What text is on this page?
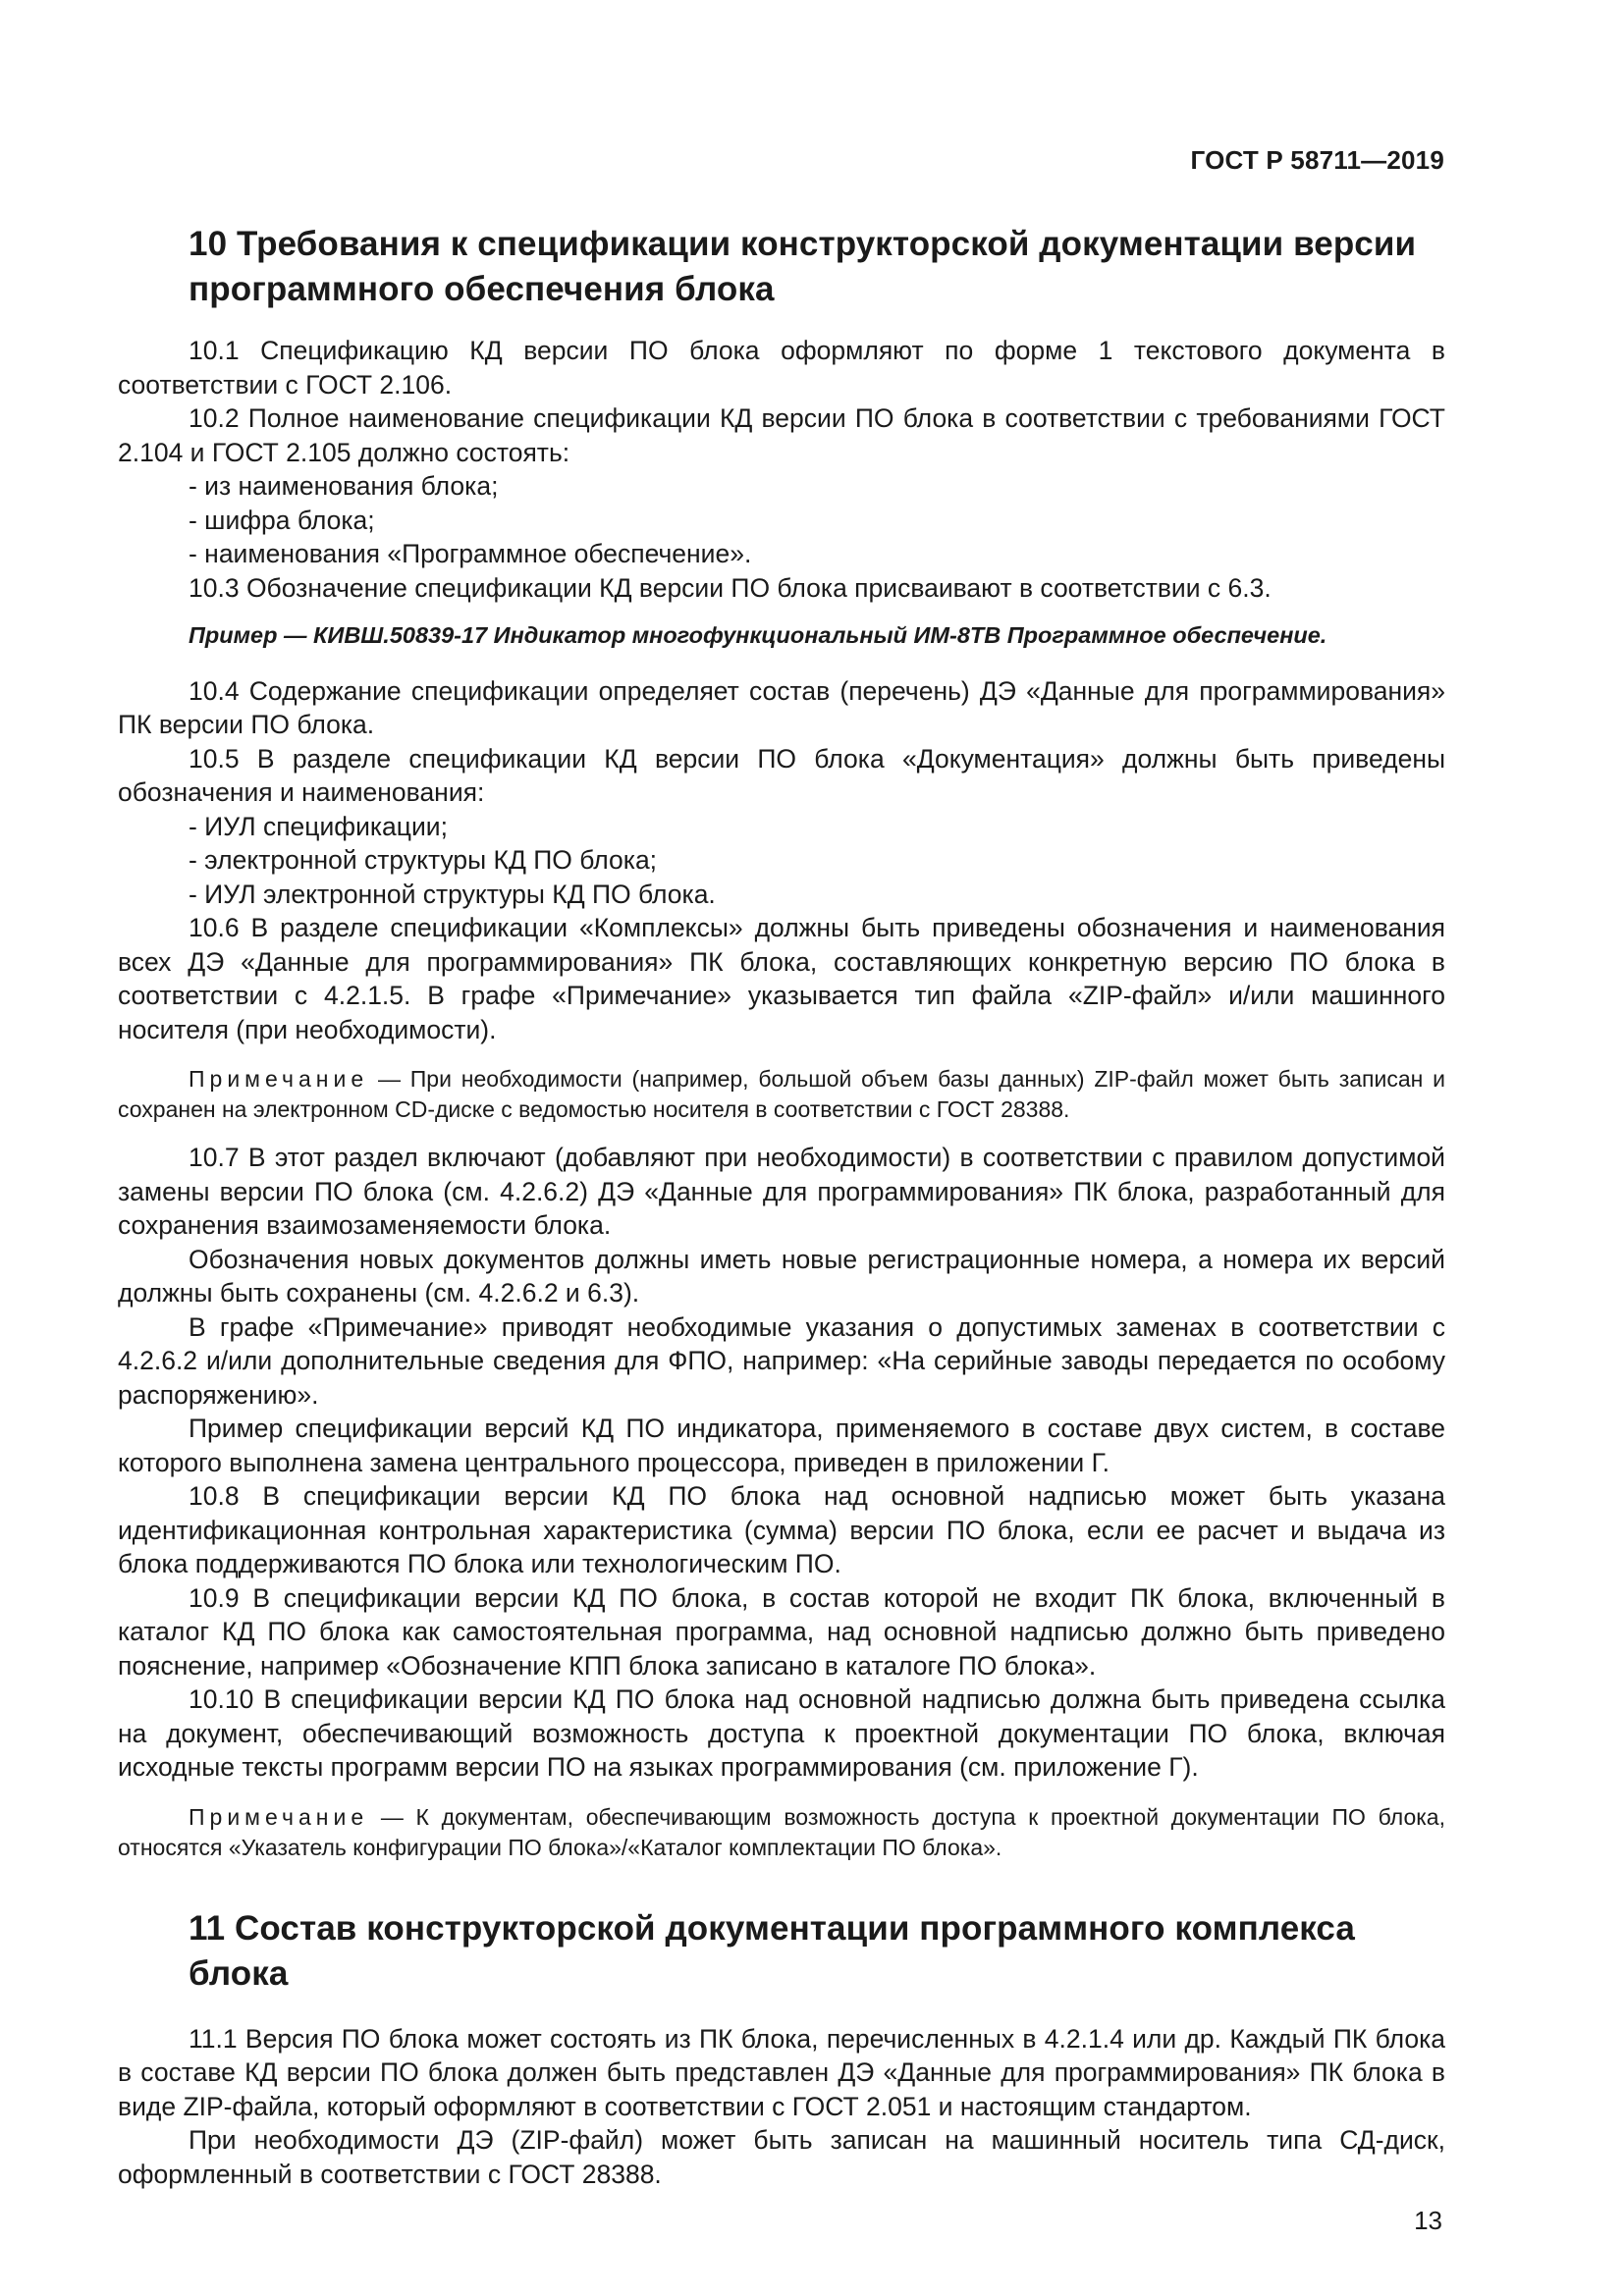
ГОСТ Р 58711—2019
10 Требования к спецификации конструкторской документации версии программного обеспечения блока

10.1 Спецификацию КД версии ПО блока оформляют по форме 1 текстового документа в соответствии с ГОСТ 2.106.

10.2 Полное наименование спецификации КД версии ПО блока в соответствии с требованиями ГОСТ 2.104 и ГОСТ 2.105 должно состоять:

- из наименования блока;

- шифра блока;

- наименования «Программное обеспечение».

10.3 Обозначение спецификации КД версии ПО блока присваивают в соответствии с 6.3.

Пример — КИВШ.50839-17 Индикатор многофункциональный ИМ-8ТВ Программное обеспечение.

10.4 Содержание спецификации определяет состав (перечень) ДЭ «Данные для программирования» ПК версии ПО блока.

10.5 В разделе спецификации КД версии ПО блока «Документация» должны быть приведены обозначения и наименования:

- ИУЛ спецификации;

- электронной структуры КД ПО блока;

- ИУЛ электронной структуры КД ПО блока.

10.6 В разделе спецификации «Комплексы» должны быть приведены обозначения и наименования всех ДЭ «Данные для программирования» ПК блока, составляющих конкретную версию ПО блока в соответствии с 4.2.1.5. В графе «Примечание» указывается тип файла «ZIP-файл» и/или машинного носителя (при необходимости).

Примечание — При необходимости (например, большой объем базы данных) ZIP-файл может быть записан и сохранен на электронном CD-диске с ведомостью носителя в соответствии с ГОСТ 28388.

10.7 В этот раздел включают (добавляют при необходимости) в соответствии с правилом допустимой замены версии ПО блока (см. 4.2.6.2) ДЭ «Данные для программирования» ПК блока, разработанный для сохранения взаимозаменяемости блока.

Обозначения новых документов должны иметь новые регистрационные номера, а номера их версий должны быть сохранены (см. 4.2.6.2 и 6.3).

В графе «Примечание» приводят необходимые указания о допустимых заменах в соответствии с 4.2.6.2 и/или дополнительные сведения для ФПО, например: «На серийные заводы передается по особому распоряжению».

Пример спецификации версий КД ПО индикатора, применяемого в составе двух систем, в составе которого выполнена замена центрального процессора, приведен в приложении Г.

10.8 В спецификации версии КД ПО блока над основной надписью может быть указана идентификационная контрольная характеристика (сумма) версии ПО блока, если ее расчет и выдача из блока поддерживаются ПО блока или технологическим ПО.

10.9 В спецификации версии КД ПО блока, в состав которой не входит ПК блока, включенный в каталог КД ПО блока как самостоятельная программа, над основной надписью должно быть приведено пояснение, например «Обозначение КПП блока записано в каталоге ПО блока».

10.10 В спецификации версии КД ПО блока над основной надписью должна быть приведена ссылка на документ, обеспечивающий возможность доступа к проектной документации ПО блока, включая исходные тексты программ версии ПО на языках программирования (см. приложение Г).

Примечание — К документам, обеспечивающим возможность доступа к проектной документации ПО блока, относятся «Указатель конфигурации ПО блока»/«Каталог комплектации ПО блока».

11 Состав конструкторской документации программного комплекса блока

11.1 Версия ПО блока может состоять из ПК блока, перечисленных в 4.2.1.4 или др. Каждый ПК блока в составе КД версии ПО блока должен быть представлен ДЭ «Данные для программирования» ПК блока в виде ZIP-файла, который оформляют в соответствии с ГОСТ 2.051 и настоящим стандартом.

При необходимости ДЭ (ZIP-файл) может быть записан на машинный носитель типа СД-диск, оформленный в соответствии с ГОСТ 28388.

13
